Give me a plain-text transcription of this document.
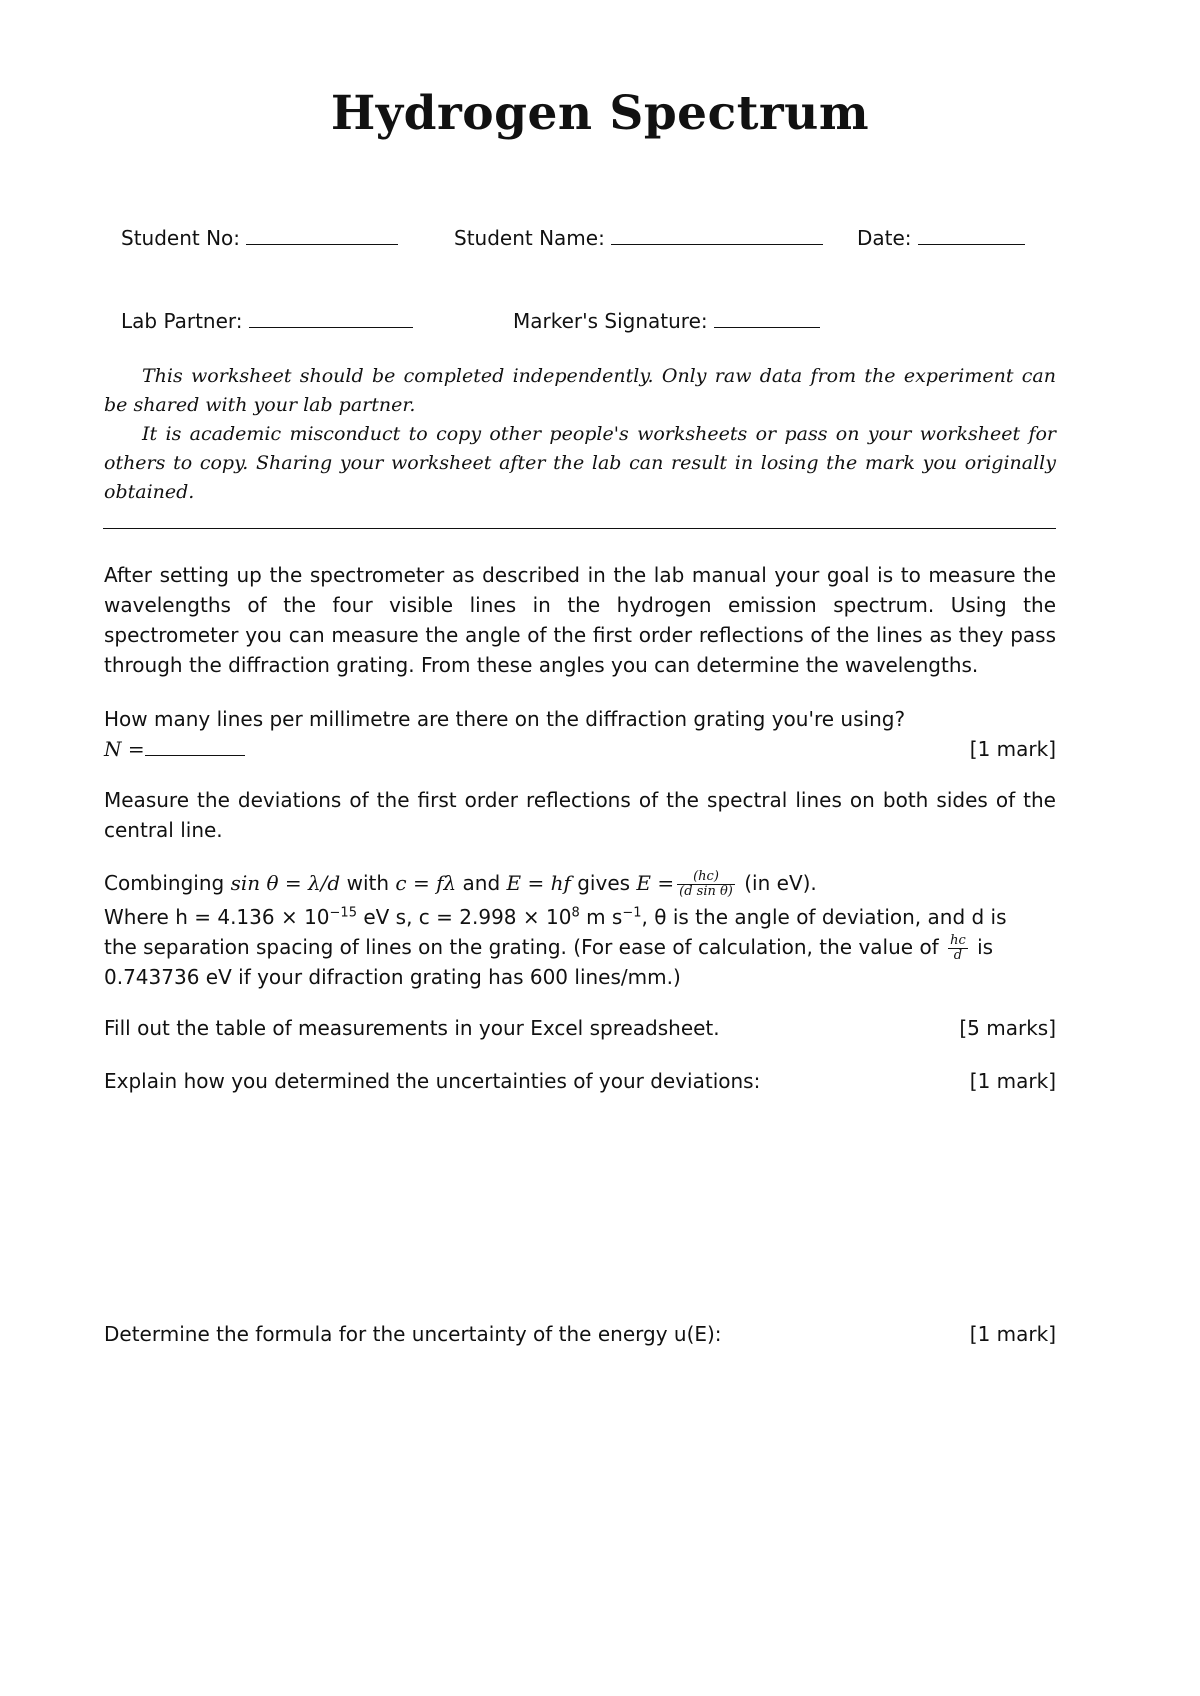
Hydrogen Spectrum
Student No:	Student Name:	Date:
Lab Partner:	Marker's Signature:

This worksheet should be completed independently. Only raw data from the experiment can be shared with your lab partner.

It is academic misconduct to copy other people's worksheets or pass on your worksheet for others to copy. Sharing your worksheet after the lab can result in losing the mark you originally obtained.

After setting up the spectrometer as described in the lab manual your goal is to measure the wavelengths of the four visible lines in the hydrogen emission spectrum. Using the spectrometer you can measure the angle of the first order reflections of the lines as they pass through the diffraction grating. From these angles you can determine the wavelengths.
How many lines per millimetre are there on the diffraction grating you're using?
N =	[1 mark]
Measure the deviations of the first order reflections of the spectral lines on both sides of the central line.
Combinging sin θ = λ/d with c = fλ and E = hf gives $E = \frac{(hc)}{\text{(d sin θ)}} (in$ eV).
Where $h = 4.136 \times 10^{-15}$ eV s, $c = 2.998 \times 10^8$ m $s^{-1}$, θ is the angle of deviation, and d is
the separation spacing of lines on the grating. (For ease of calculation, the value of $\frac{hc}{d}$ is
0.743736 eV if your difraction grating has 600 lines/mm.)
Fill out the table of measurements in your Excel spreadsheet.	[5 marks]
Explain how you determined the uncertainties of your deviations:	[1 mark]
Determine the formula for the uncertainty of the energy u(E):	[1 mark]
